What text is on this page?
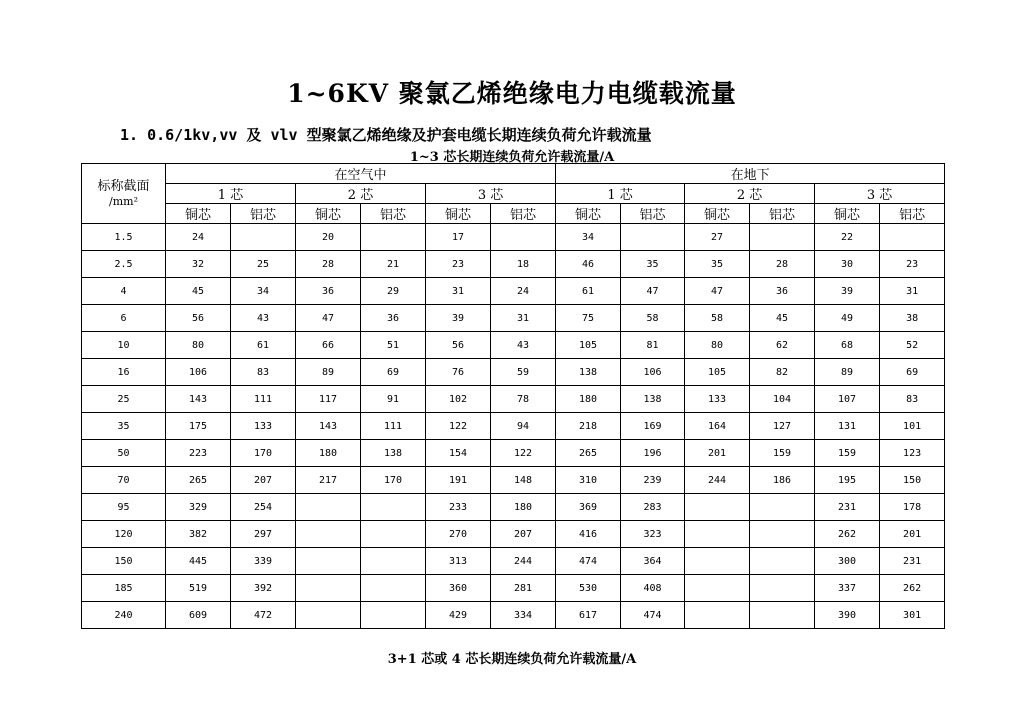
1~6KV 聚氯乙烯绝缘电力电缆载流量
1. 0.6/1kv,vv 及 vlv 型聚氯乙烯绝缘及护套电缆长期连续负荷允许载流量
1~3 芯长期连续负荷允许载流量/A
标称截面
/mm²	在空气中						在地下					
	1 芯		2 芯		3 芯		1 芯		2 芯		3 芯	
	铜芯	铝芯	铜芯	铝芯	铜芯	铝芯	铜芯	铝芯	铜芯	铝芯	铜芯	铝芯
1.5	24		20		17		34		27		22	
2.5	32	25	28	21	23	18	46	35	35	28	30	23
4	45	34	36	29	31	24	61	47	47	36	39	31
6	56	43	47	36	39	31	75	58	58	45	49	38
10	80	61	66	51	56	43	105	81	80	62	68	52
16	106	83	89	69	76	59	138	106	105	82	89	69
25	143	111	117	91	102	78	180	138	133	104	107	83
35	175	133	143	111	122	94	218	169	164	127	131	101
50	223	170	180	138	154	122	265	196	201	159	159	123
70	265	207	217	170	191	148	310	239	244	186	195	150
95	329	254			233	180	369	283			231	178
120	382	297			270	207	416	323			262	201
150	445	339			313	244	474	364			300	231
185	519	392			360	281	530	408			337	262
240	609	472			429	334	617	474			390	301
3+1 芯或 4 芯长期连续负荷允许载流量/A
